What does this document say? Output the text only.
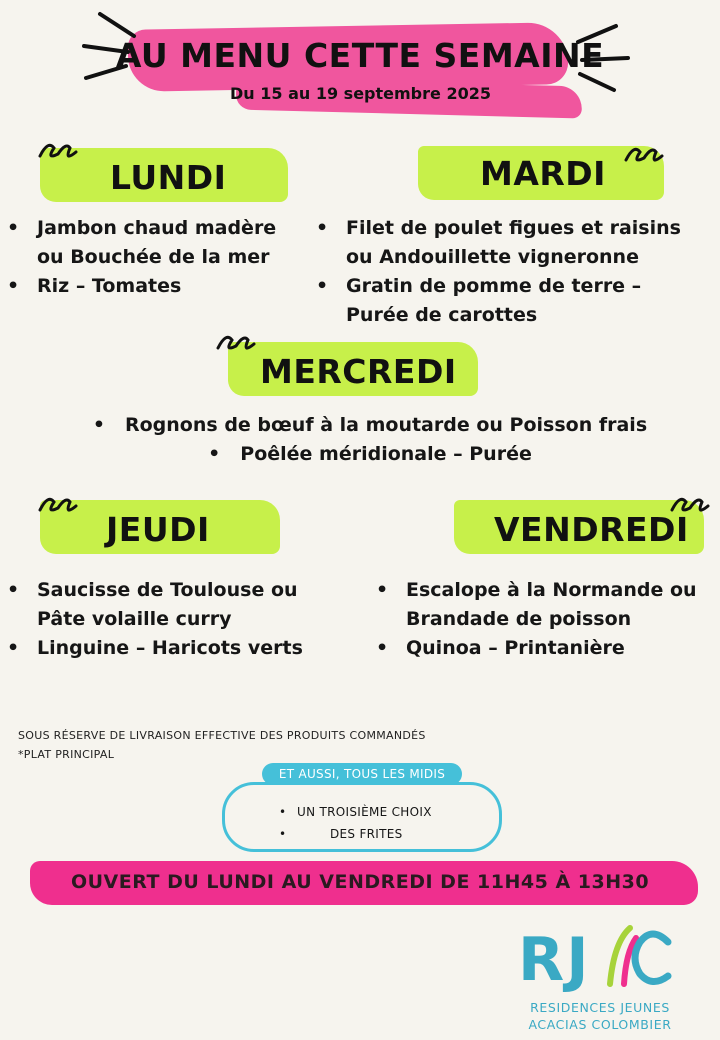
AU MENU CETTE SEMAINE
Du 15 au 19 septembre 2025
LUNDI
• Jambon chaud madère
ou Bouchée de la mer
• Riz – Tomates
MARDI
• Filet de poulet figues et raisins
ou Andouillette vigneronne
• Gratin de pomme de terre –
Purée de carottes
MERCREDI
• Rognons de bœuf à la moutarde ou Poisson frais
• Poêlée méridionale – Purée
JEUDI
• Saucisse de Toulouse ou
Pâte volaille curry
• Linguine – Haricots verts
VENDREDI
• Escalope à la Normande ou
Brandade de poisson
• Quinoa – Printanière
SOUS RÉSERVE DE LIVRAISON EFFECTIVE DES PRODUITS COMMANDÉS
*PLAT PRINCIPAL
• UN TROISIÈME CHOIX
•	DES FRITES
ET AUSSI, TOUS LES MIDIS
OUVERT DU LUNDI AU VENDREDI DE 11H45 À 13H30
RJ
RESIDENCES JEUNES
ACACIAS COLOMBIER
